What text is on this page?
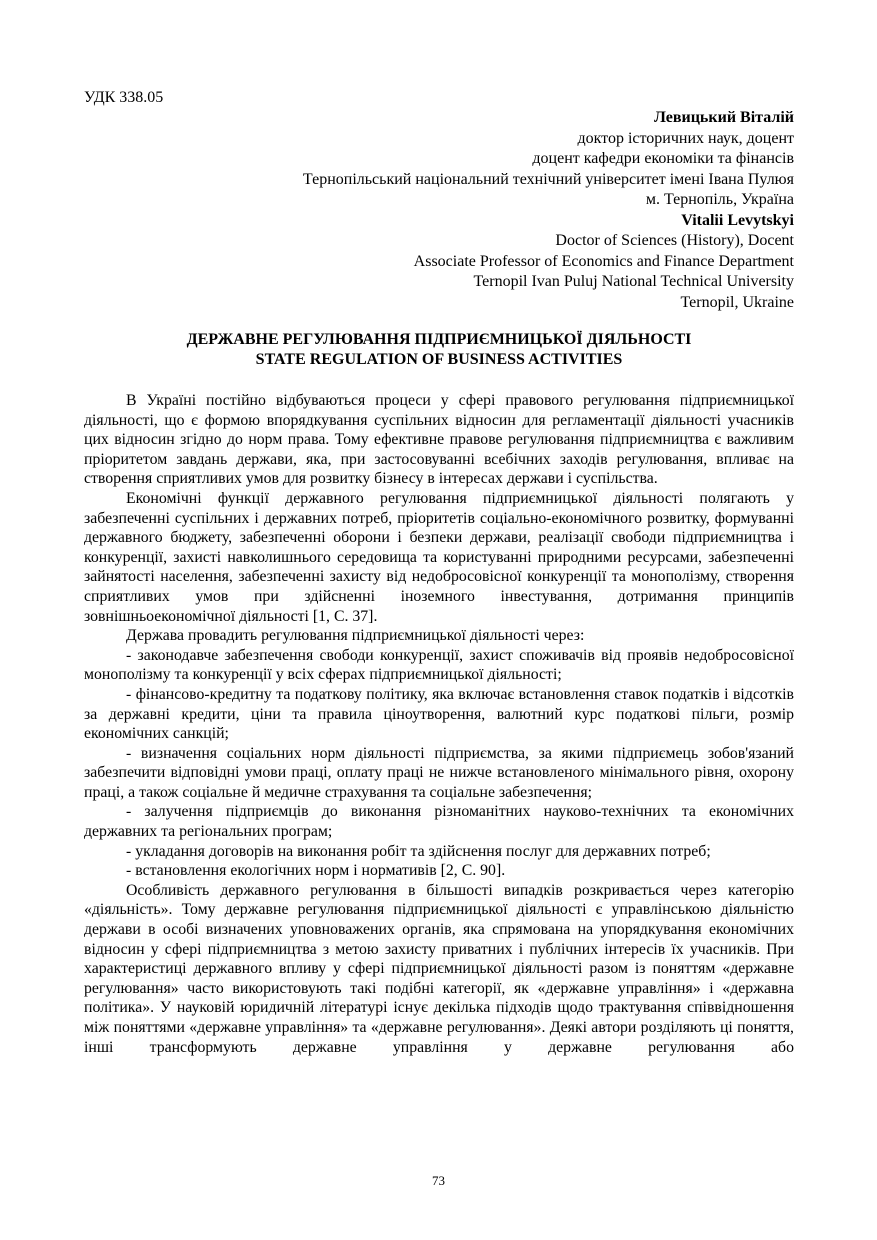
УДК 338.05

Левицький Віталій
доктор історичних наук, доцент
доцент кафедри економіки та фінансів
Тернопільський національний технічний університет імені Івана Пулюя
м. Тернопіль, Україна
Vitalii Levytskyi
Doctor of Sciences (History), Docent
Associate Professor of Economics and Finance Department
Ternopil Ivan Puluj National Technical University
Ternopil, Ukraine
ДЕРЖАВНЕ РЕГУЛЮВАННЯ ПІДПРИЄМНИЦЬКОЇ ДІЯЛЬНОСТІ
STATE REGULATION OF BUSINESS ACTIVITIES

В Україні постійно відбуваються процеси у сфері правового регулювання підприємницької діяльності, що є формою впорядкування суспільних відносин для регламентації діяльності учасників цих відносин згідно до норм права. Тому ефективне правове регулювання підприємництва є важливим пріоритетом завдань держави, яка, при застосовуванні всебічних заходів регулювання, впливає на створення сприятливих умов для розвитку бізнесу в інтересах держави і суспільства.

Економічні функції державного регулювання підприємницької діяльності полягають у забезпеченні суспільних і державних потреб, пріоритетів соціально-економічного розвитку, формуванні державного бюджету, забезпеченні оборони і безпеки держави, реалізації свободи підприємництва і конкуренції, захисті навколишнього середовища та користуванні природними ресурсами, забезпеченні зайнятості населення, забезпеченні захисту від недобросовісної конкуренції та монополізму, створення сприятливих умов при здійсненні іноземного інвестування, дотримання принципів зовнішньоекономічної діяльності [1, С. 37].

Держава провадить регулювання підприємницької діяльності через:

- законодавче забезпечення свободи конкуренції, захист споживачів від проявів недобросовісної монополізму та конкуренції у всіх сферах підприємницької діяльності;

- фінансово-кредитну та податкову політику, яка включає встановлення ставок податків і відсотків за державні кредити, ціни та правила ціноутворення, валютний курс податкові пільги, розмір економічних санкцій;

- визначення соціальних норм діяльності підприємства, за якими підприємець зобов'язаний забезпечити відповідні умови праці, оплату праці не нижче встановленого мінімального рівня, охорону праці, а також соціальне й медичне страхування та соціальне забезпечення;

- залучення підприємців до виконання різноманітних науково-технічних та економічних державних та регіональних програм;

- укладання договорів на виконання робіт та здійснення послуг для державних потреб;

- встановлення екологічних норм і нормативів [2, С. 90].

Особливість державного регулювання в більшості випадків розкривається через категорію «діяльність». Тому державне регулювання підприємницької діяльності є управлінською діяльністю держави в особі визначених уповноважених органів, яка спрямована на упорядкування економічних відносин у сфері підприємництва з метою захисту приватних і публічних інтересів їх учасників. При характеристиці державного впливу у сфері підприємницької діяльності разом із поняттям «державне регулювання» часто використовують такі подібні категорії, як «державне управління» і «державна політика». У науковій юридичній літературі існує декілька підходів щодо трактування співвідношення між поняттями «державне управління» та «державне регулювання». Деякі автори розділяють ці поняття, інші трансформують державне управління у державне регулювання або

73
